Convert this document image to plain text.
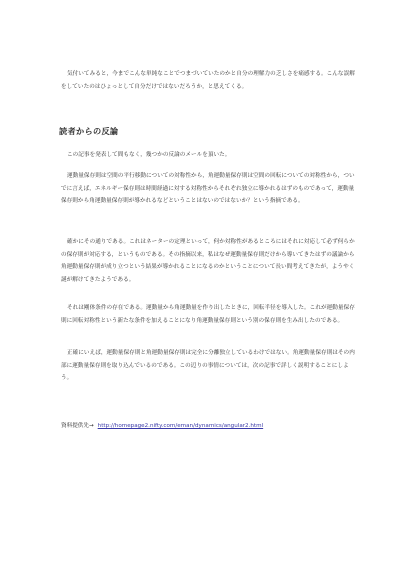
気付いてみると，今までこんな単純なことでつまづいていたのかと自分の理解力の乏しさを痛感する。こんな誤解をしていたのはひょっとして自分だけではないだろうか，と思えてくる。

読者からの反論

この記事を発表して間もなく，幾つかの反論のメールを頂いた。

運動量保存則は空間の平行移動についての対称性から，角運動量保存則は空間の回転についての対称性から，ついでに言えば，エネルギー保存則は時間経過に対する対称性からそれぞれ独立に導かれるはずのものであって，運動量保存則から角運動量保存則が導かれるなどということはないのではないか？という指摘である。

確かにその通りである。これはネーターの定理といって，何か対称性があるところにはそれに対応して必ず何らかの保存則が対応する，というものである。その指摘以来，私はなぜ運動量保存則だけから導いてきたはずの議論から角運動量保存則が成り立つという結果が導かれることになるのかということについて長い間考えてきたが，ようやく謎が解けてきたようである。

それは剛体条件の存在である。運動量から角運動量を作り出したときに，回転半径を導入した。これが運動量保存則に回転対称性という新たな条件を加えることになり角運動量保存則という別の保存則を生み出したのである。

正確にいえば，運動量保存則と角運動量保存則は完全に分離独立しているわけではない。角運動量保存則はその内部に運動量保存則を取り込んでいるのである。この辺りの事情については，次の記事で詳しく説明することにしよう。

資料提供先→ http://homepage2.nifty.com/eman/dynamics/angular2.html
